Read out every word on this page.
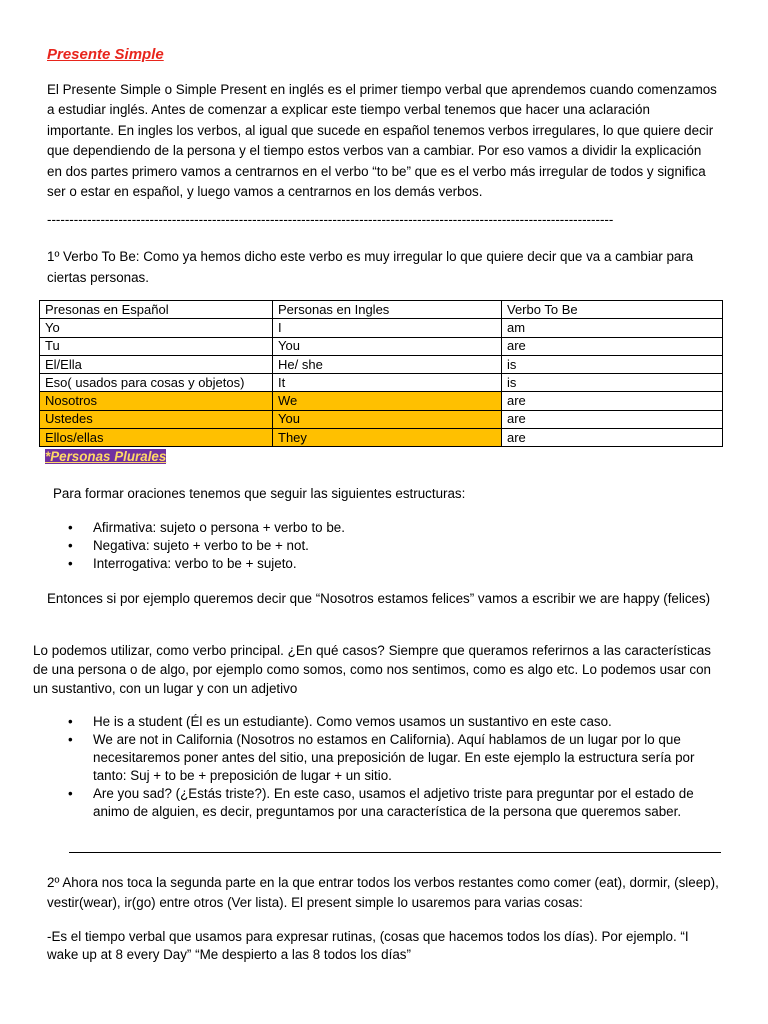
Presente Simple

El Presente Simple o Simple Present en inglés es el primer tiempo verbal que aprendemos cuando comenzamos a estudiar inglés. Antes de comenzar a explicar este tiempo verbal tenemos que hacer una aclaración importante. En ingles los verbos, al igual que sucede en español tenemos verbos irregulares, lo que quiere decir que dependiendo de la persona y el tiempo estos verbos van a cambiar. Por eso vamos a dividir la explicación en dos partes primero vamos a centrarnos en el verbo “to be” que es el verbo más irregular de todos y significa ser o estar en español, y luego vamos a centrarnos en los demás verbos.

-------------------------------------------------------------------------------------------------------------------------------

1º Verbo To Be: Como ya hemos dicho este verbo es muy irregular lo que quiere decir que va a cambiar para ciertas personas.

Presonas en Español	Personas en Ingles	Verbo To Be
Yo	I	am
Tu	You	are
El/Ella	He/ she	is
Eso( usados para cosas y objetos)	It	is
Nosotros	We	are
Ustedes	You	are
Ellos/ellas	They	are
*Personas Plurales

Para formar oraciones tenemos que seguir las siguientes estructuras:

• Afirmativa: sujeto o persona + verbo to be.
• Negativa: sujeto + verbo to be + not.
• Interrogativa: verbo to be + sujeto.

Entonces si por ejemplo queremos decir que “Nosotros estamos felices” vamos a escribir we are happy (felices)

Lo podemos utilizar, como verbo principal. ¿En qué casos? Siempre que queramos referirnos a las características de una persona o de algo, por ejemplo como somos, como nos sentimos, como es algo etc. Lo podemos usar con un sustantivo, con un lugar y con un adjetivo

• He is a student (Él es un estudiante). Como vemos usamos un sustantivo en este caso.
• We are not in California (Nosotros no estamos en California). Aquí hablamos de un lugar por lo que necesitaremos poner antes del sitio, una preposición de lugar. En este ejemplo la estructura sería por tanto: Suj + to be + preposición de lugar + un sitio.
• Are you sad? (¿Estás triste?). En este caso, usamos el adjetivo triste para preguntar por el estado de animo de alguien, es decir, preguntamos por una característica de la persona que queremos saber.

2º Ahora nos toca la segunda parte en la que entrar todos los verbos restantes como comer (eat), dormir, (sleep), vestir(wear), ir(go) entre otros (Ver lista). El present simple lo usaremos para varias cosas:

-Es el tiempo verbal que usamos para expresar rutinas, (cosas que hacemos todos los días). Por ejemplo. “I wake up at 8 every Day” “Me despierto a las 8 todos los días”
